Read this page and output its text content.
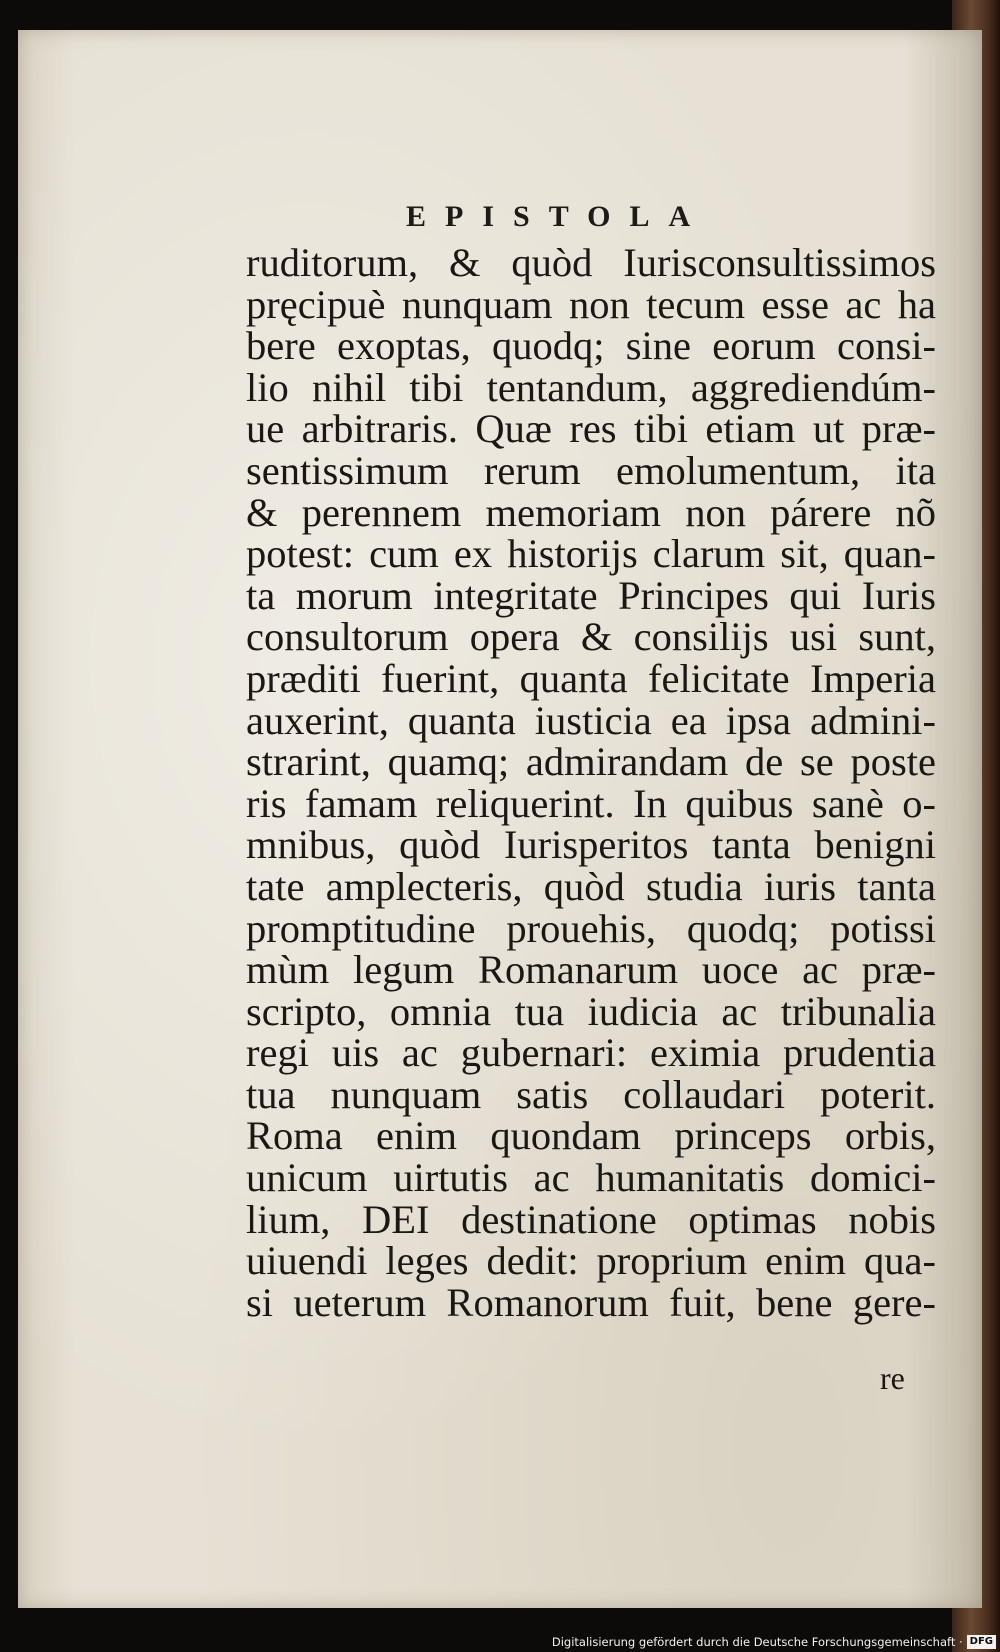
EPISTOLA
ruditorum, & quòd Iurisconsultissimos
pręcipuè nunquam non tecum esse ac ha
bere exoptas, quodq; sine eorum consi-
lio nihil tibi tentandum, aggrediendúm-
ue arbitraris. Quæ res tibi etiam ut præ-
sentissimum rerum emolumentum, ita
& perennem memoriam non párere nõ
potest: cum ex historijs clarum sit, quan-
ta morum integritate Principes qui Iuris
consultorum opera & consilijs usi sunt,
præditi fuerint, quanta felicitate Imperia
auxerint, quanta iusticia ea ipsa admini-
strarint, quamq; admirandam de se poste
ris famam reliquerint. In quibus sanè o-
mnibus, quòd Iurisperitos tanta benigni
tate amplecteris, quòd studia iuris tanta
promptitudine prouehis, quodq; potissi
mùm legum Romanarum uoce ac præ-
scripto, omnia tua iudicia ac tribunalia
regi uis ac gubernari: eximia prudentia
tua nunquam satis collaudari poterit.
Roma enim quondam princeps orbis,
unicum uirtutis ac humanitatis domici-
lium, DEI destinatione optimas nobis
uiuendi leges dedit: proprium enim qua-
si ueterum Romanorum fuit, bene gere-
re
Digitalisierung gefördert durch die Deutsche Forschungsgemeinschaft · DFG
